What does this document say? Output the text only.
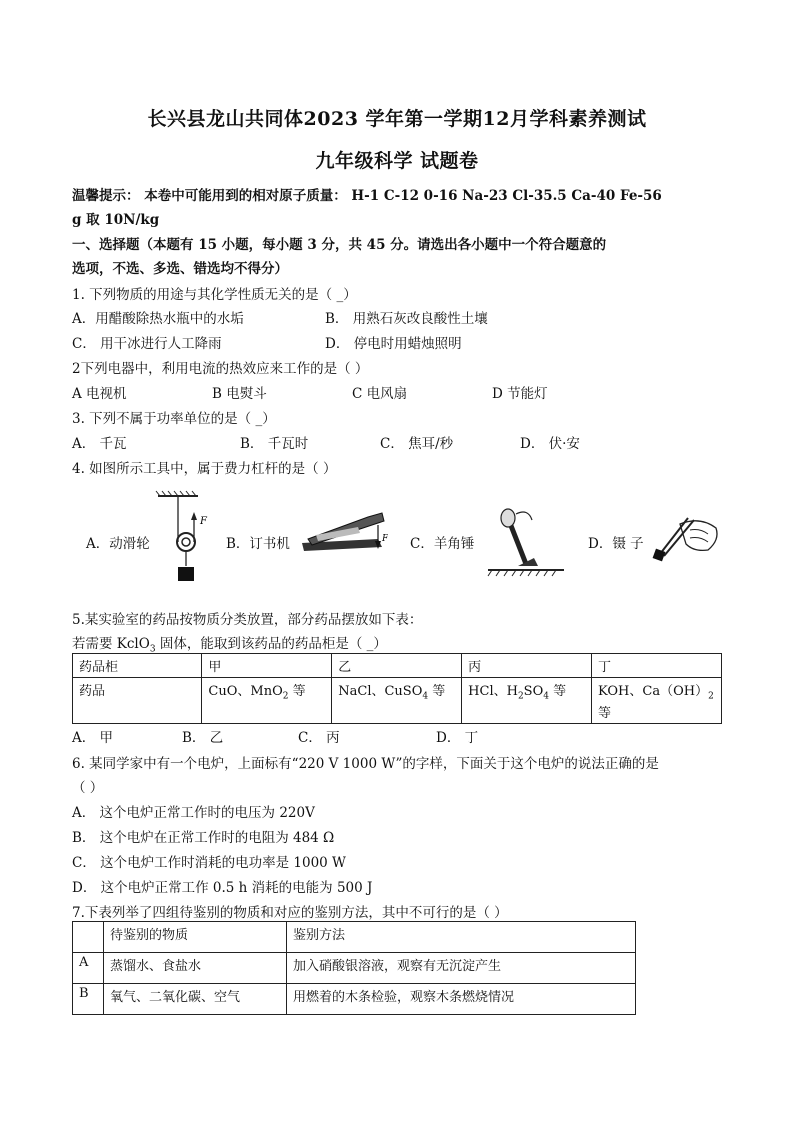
长兴县龙山共同体2023 学年第一学期12月学科素养测试
九年级科学 试题卷
温馨提示： 本卷中可能用到的相对原子质量： H-1 C-12 0-16 Na-23 Cl-35.5 Ca-40 Fe-56
g 取 10N/kg
一、选择题（本题有 15 小题，每小题 3 分，共 45 分。请选出各小题中一个符合题意的
选项，不选、多选、错选均不得分）
1. 下列物质的用途与其化学性质无关的是（ _）
A．用醋酸除热水瓶中的水垢	B． 用熟石灰改良酸性土壤
C． 用干冰进行人工降雨	D． 停电时用蜡烛照明
2下列电器中，利用电流的热效应来工作的是（ ）
A 电视机	B 电熨斗	C 电风扇	D 节能灯
3. 下列不属于功率单位的是（ _）
A． 千瓦	B． 千瓦时	C． 焦耳/秒	D． 伏·安
4. 如图所示工具中，属于费力杠杆的是（ ）
A．动滑轮	B．订书机	C．羊角锤	D．镊 子
F
F
5.某实验室的药品按物质分类放置，部分药品摆放如下表：
若需要 KclO$_3$ 固体，能取到该药品的药品柜是（ _）
药品柜	甲	乙	丙	丁
药品	CuO、MnO$_2$ 等	NaCl、CuSO$_4$ 等	HCl、$H_2SO_4$ 等	KOH、$Ca(OH)_2$
等
A． 甲	B． 乙	C． 丙	D． 丁
6. 某同学家中有一个电炉，上面标有“220 V 1000 W”的字样，下面关于这个电炉的说法正确的是
（ ）
A． 这个电炉正常工作时的电压为 220V
B． 这个电炉在正常工作时的电阻为 484 Ω
C． 这个电炉工作时消耗的电功率是 1000 W
D． 这个电炉正常工作 0.5 h 消耗的电能为 500 J
7.下表列举了四组待鉴别的物质和对应的鉴别方法，其中不可行的是（ ）
	待鉴别的物质	鉴别方法
A	蒸馏水、食盐水	加入硝酸银溶液，观察有无沉淀产生
B	氧气、二氧化碳、空气	用燃着的木条检验，观察木条燃烧情况
